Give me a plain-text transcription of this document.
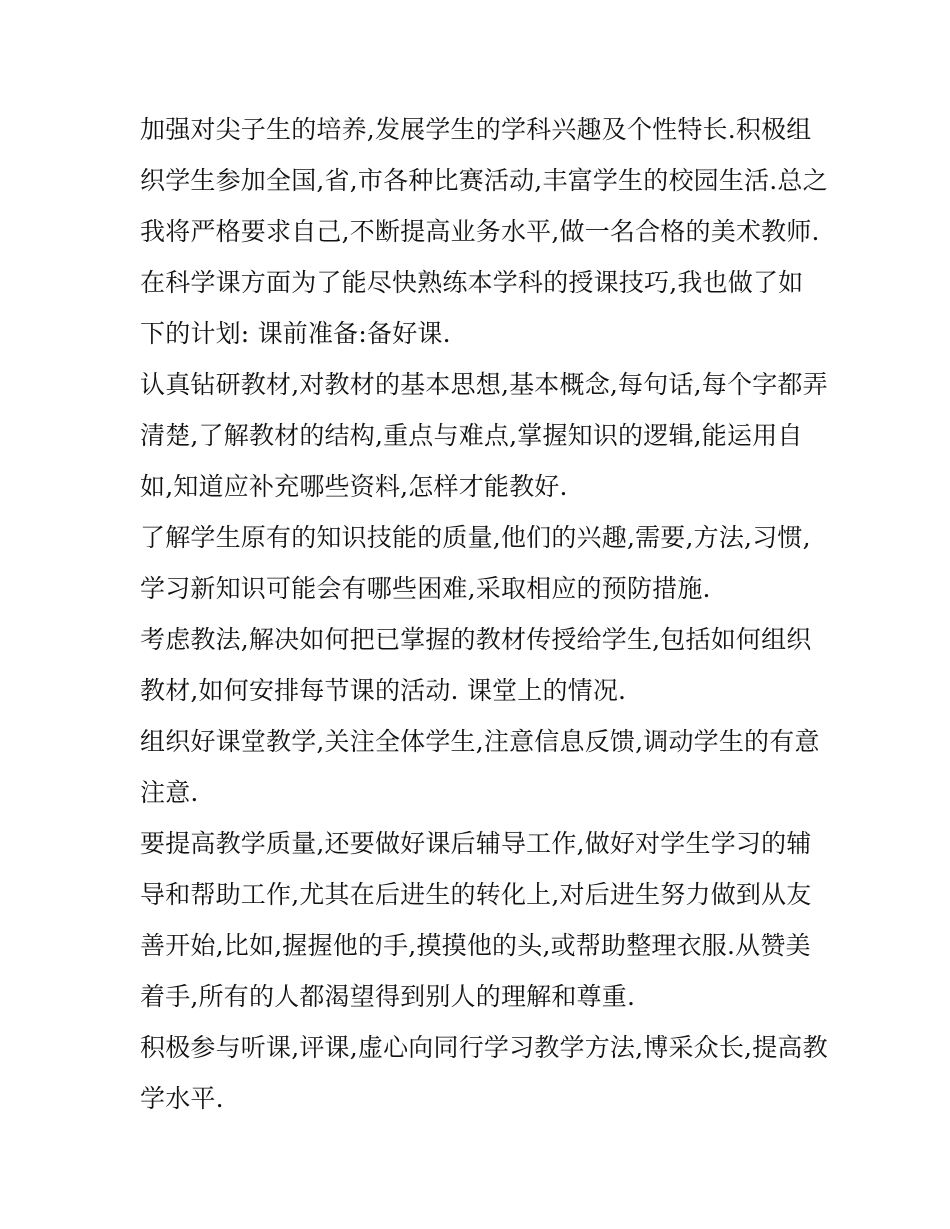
加强对尖子生的培养,发展学生的学科兴趣及个性特长.积极组
织学生参加全国,省,市各种比赛活动,丰富学生的校园生活.总之
我将严格要求自己,不断提高业务水平,做一名合格的美术教师.
在科学课方面为了能尽快熟练本学科的授课技巧,我也做了如
下的计划: 课前准备:备好课.
认真钻研教材,对教材的基本思想,基本概念,每句话,每个字都弄
清楚,了解教材的结构,重点与难点,掌握知识的逻辑,能运用自
如,知道应补充哪些资料,怎样才能教好.
了解学生原有的知识技能的质量,他们的兴趣,需要,方法,习惯,
学习新知识可能会有哪些困难,采取相应的预防措施.
考虑教法,解决如何把已掌握的教材传授给学生,包括如何组织
教材,如何安排每节课的活动. 课堂上的情况.
组织好课堂教学,关注全体学生,注意信息反馈,调动学生的有意
注意.
要提高教学质量,还要做好课后辅导工作,做好对学生学习的辅
导和帮助工作,尤其在后进生的转化上,对后进生努力做到从友
善开始,比如,握握他的手,摸摸他的头,或帮助整理衣服.从赞美
着手,所有的人都渴望得到别人的理解和尊重.
积极参与听课,评课,虚心向同行学习教学方法,博采众长,提高教
学水平.
